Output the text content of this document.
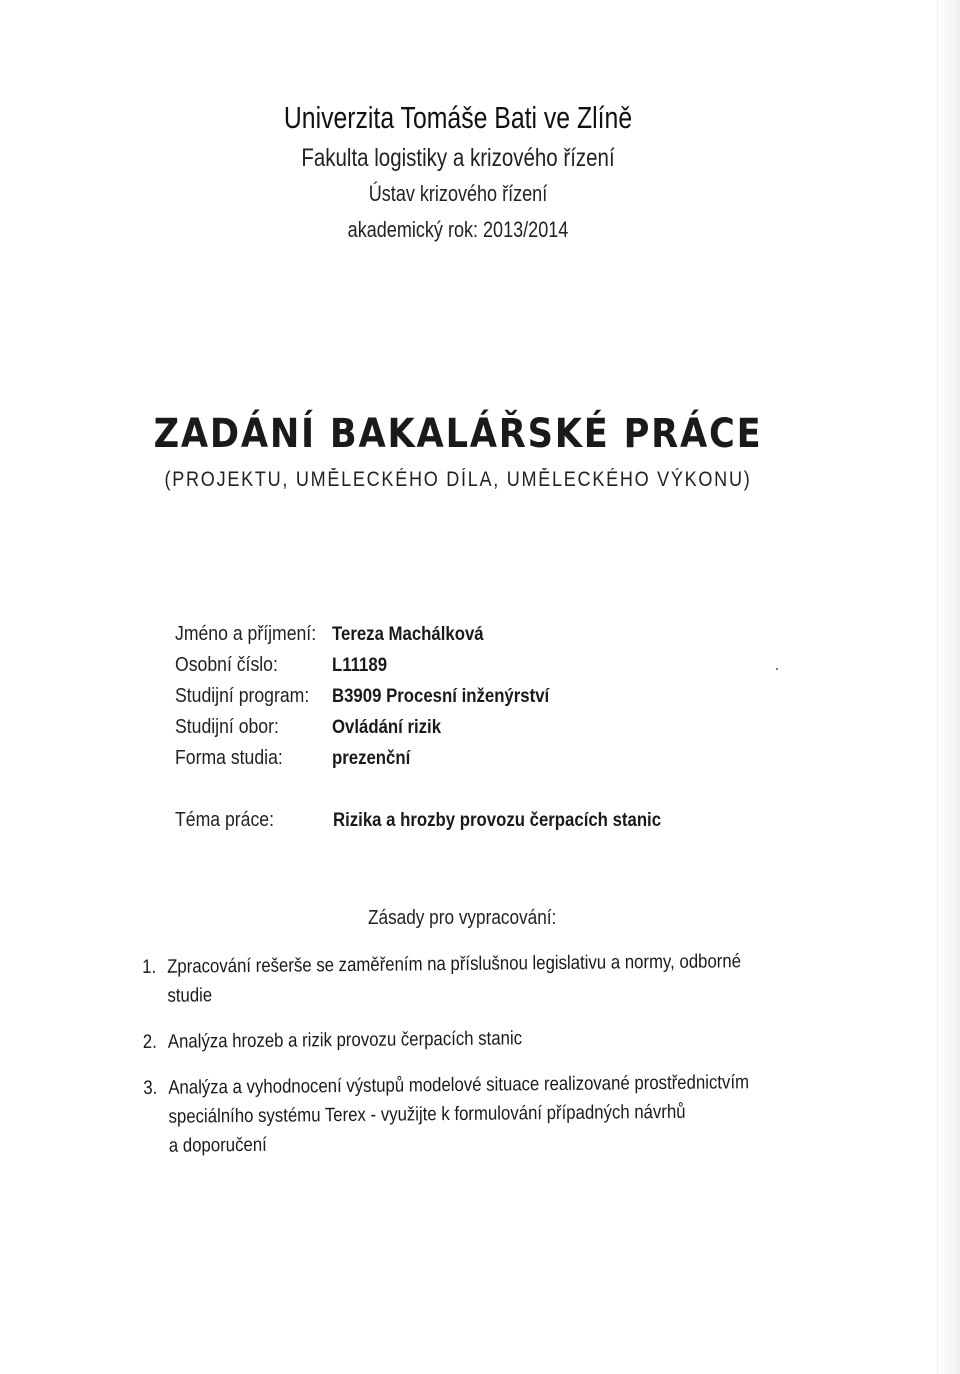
Univerzita Tomáše Bati ve Zlíně
Fakulta logistiky a krizového řízení
Ústav krizového řízení
akademický rok: 2013/2014
ZADÁNÍ BAKALÁŘSKÉ PRÁCE
(PROJEKTU, UMĚLECKÉHO DÍLA, UMĚLECKÉHO VÝKONU)
Jméno a příjmení: Tereza Machálková
Osobní číslo:	L11189
Studijní program: B3909 Procesní inženýrství
Studijní obor:	Ovládání rizik
Forma studia:	prezenční
Téma práce:	Rizika a hrozby provozu čerpacích stanic
Zásady pro vypracování:
1. Zpracování rešerše se zaměřením na příslušnou legislativu a normy, odborné
studie
2. Analýza hrozeb a rizik provozu čerpacích stanic
3. Analýza a vyhodnocení výstupů modelové situace realizované prostřednictvím
speciálního systému Terex - využijte k formulování případných návrhů
a doporučení
